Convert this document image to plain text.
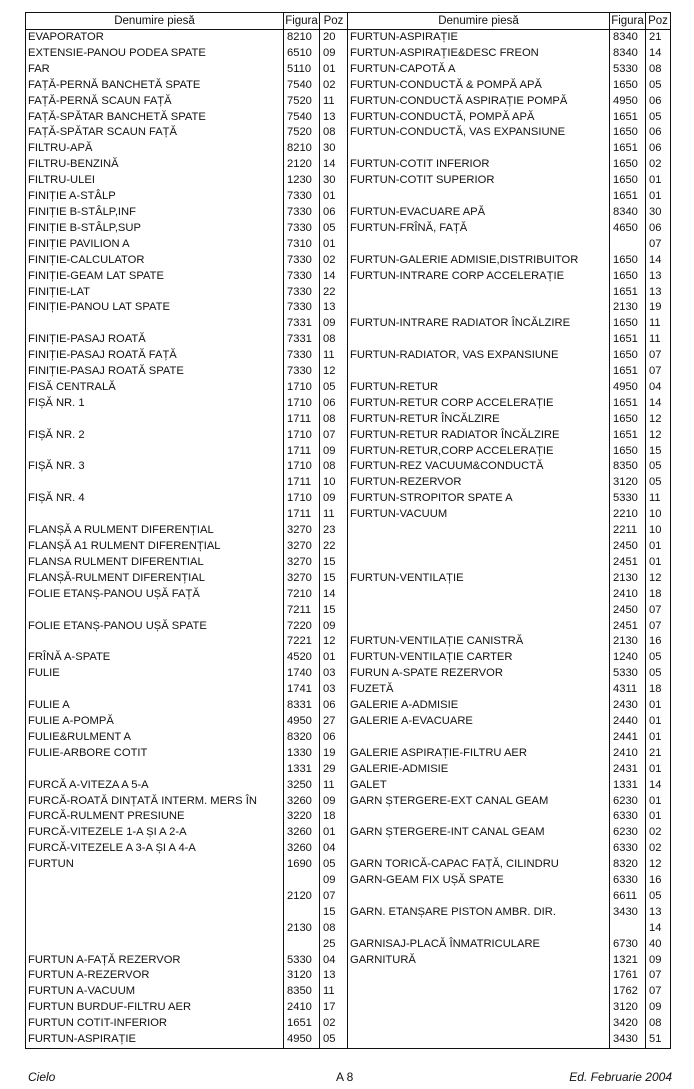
Denumire piesă	Figura	Poz
EVAPORATOR	8210	20
EXTENSIE-PANOU PODEA SPATE	6510	09
FAR	5110	01
FAȚĂ-PERNĂ BANCHETĂ SPATE	7540	02
FAȚĂ-PERNĂ SCAUN FAȚĂ	7520	11
FAȚĂ-SPĂTAR BANCHETĂ SPATE	7540	13
FAȚĂ-SPĂTAR SCAUN FAȚĂ	7520	08
FILTRU-APĂ	8210	30
FILTRU-BENZINĂ	2120	14
FILTRU-ULEI	1230	30
FINIȚIE A-STÂLP	7330	01
FINIȚIE B-STÂLP,INF	7330	06
FINIȚIE B-STÂLP,SUP	7330	05
FINIȚIE PAVILION A	7310	01
FINIȚIE-CALCULATOR	7330	02
FINIȚIE-GEAM LAT SPATE	7330	14
FINIȚIE-LAT	7330	22
FINIȚIE-PANOU LAT SPATE	7330	13
	7331	09
FINIȚIE-PASAJ ROATĂ	7331	08
FINIȚIE-PASAJ ROATĂ FAȚĂ	7330	11
FINIȚIE-PASAJ ROATĂ SPATE	7330	12
FISĂ CENTRALĂ	1710	05
FIȘĂ NR. 1	1710	06
	1711	08
FIȘĂ NR. 2	1710	07
	1711	09
FIȘĂ NR. 3	1710	08
	1711	10
FIȘĂ NR. 4	1710	09
	1711	11
FLANȘĂ A RULMENT DIFERENȚIAL	3270	23
FLANȘĂ A1 RULMENT DIFERENȚIAL	3270	22
FLANSA RULMENT DIFERENTIAL	3270	15
FLANȘĂ-RULMENT DIFERENȚIAL	3270	15
FOLIE ETANȘ-PANOU UȘĂ FAȚĂ	7210	14
	7211	15
FOLIE ETANȘ-PANOU UȘĂ SPATE	7220	09
	7221	12
FRÎNĂ A-SPATE	4520	01
FULIE	1740	03
	1741	03
FULIE A	8331	06
FULIE A-POMPĂ	4950	27
FULIE&RULMENT A	8320	06
FULIE-ARBORE COTIT	1330	19
	1331	29
FURCĂ A-VITEZA A 5-A	3250	11
FURCĂ-ROATĂ DINȚATĂ INTERM. MERS ÎN	3260	09
FURCĂ-RULMENT PRESIUNE	3220	18
FURCĂ-VITEZELE 1-A ȘI A 2-A	3260	01
FURCĂ-VITEZELE A 3-A ȘI A 4-A	3260	04
FURTUN	1690	05
		09
	2120	07
		15
	2130	08
		25
FURTUN A-FAȚĂ REZERVOR	5330	04
FURTUN A-REZERVOR	3120	13
FURTUN A-VACUUM	8350	11
FURTUN BURDUF-FILTRU AER	2410	17
FURTUN COTIT-INFERIOR	1651	02
FURTUN-ASPIRAȚIE	4950	05
Denumire piesă	Figura	Poz
FURTUN-ASPIRAȚIE	8340	21
FURTUN-ASPIRAȚIE&DESC FREON	8340	14
FURTUN-CAPOTĂ A	5330	08
FURTUN-CONDUCTĂ & POMPĂ APĂ	1650	05
FURTUN-CONDUCTĂ ASPIRAȚIE POMPĂ	4950	06
FURTUN-CONDUCTĂ, POMPĂ APĂ	1651	05
FURTUN-CONDUCTĂ, VAS EXPANSIUNE	1650	06
	1651	06
FURTUN-COTIT INFERIOR	1650	02
FURTUN-COTIT SUPERIOR	1650	01
	1651	01
FURTUN-EVACUARE APĂ	8340	30
FURTUN-FRÎNĂ, FAȚĂ	4650	06
		07
FURTUN-GALERIE ADMISIE,DISTRIBUITOR	1650	14
FURTUN-INTRARE CORP ACCELERAȚIE	1650	13
	1651	13
	2130	19
FURTUN-INTRARE RADIATOR ÎNCĂLZIRE	1650	11
	1651	11
FURTUN-RADIATOR, VAS EXPANSIUNE	1650	07
	1651	07
FURTUN-RETUR	4950	04
FURTUN-RETUR CORP ACCELERAȚIE	1651	14
FURTUN-RETUR ÎNCĂLZIRE	1650	12
FURTUN-RETUR RADIATOR ÎNCĂLZIRE	1651	12
FURTUN-RETUR,CORP ACCELERAȚIE	1650	15
FURTUN-REZ VACUUM&CONDUCTĂ	8350	05
FURTUN-REZERVOR	3120	05
FURTUN-STROPITOR SPATE A	5330	11
FURTUN-VACUUM	2210	10
	2211	10
	2450	01
	2451	01
FURTUN-VENTILAȚIE	2130	12
	2410	18
	2450	07
	2451	07
FURTUN-VENTILAȚIE CANISTRĂ	2130	16
FURTUN-VENTILAȚIE CARTER	1240	05
FURUN A-SPATE REZERVOR	5330	05
FUZETĂ	4311	18
GALERIE A-ADMISIE	2430	01
GALERIE A-EVACUARE	2440	01
	2441	01
GALERIE ASPIRAȚIE-FILTRU AER	2410	21
GALERIE-ADMISIE	2431	01
GALET	1331	14
GARN ȘTERGERE-EXT CANAL GEAM	6230	01
	6330	01
GARN ȘTERGERE-INT CANAL GEAM	6230	02
	6330	02
GARN TORICĂ-CAPAC FAȚĂ, CILINDRU	8320	12
GARN-GEAM FIX UȘĂ SPATE	6330	16
	6611	05
GARN. ETANȘARE PISTON AMBR. DIR.	3430	13
		14
GARNISAJ-PLACĂ ÎNMATRICULARE	6730	40
GARNITURĂ	1321	09
	1761	07
	1762	07
	3120	09
	3420	08
	3430	51
Cielo	A 8	Ed. Februarie 2004
